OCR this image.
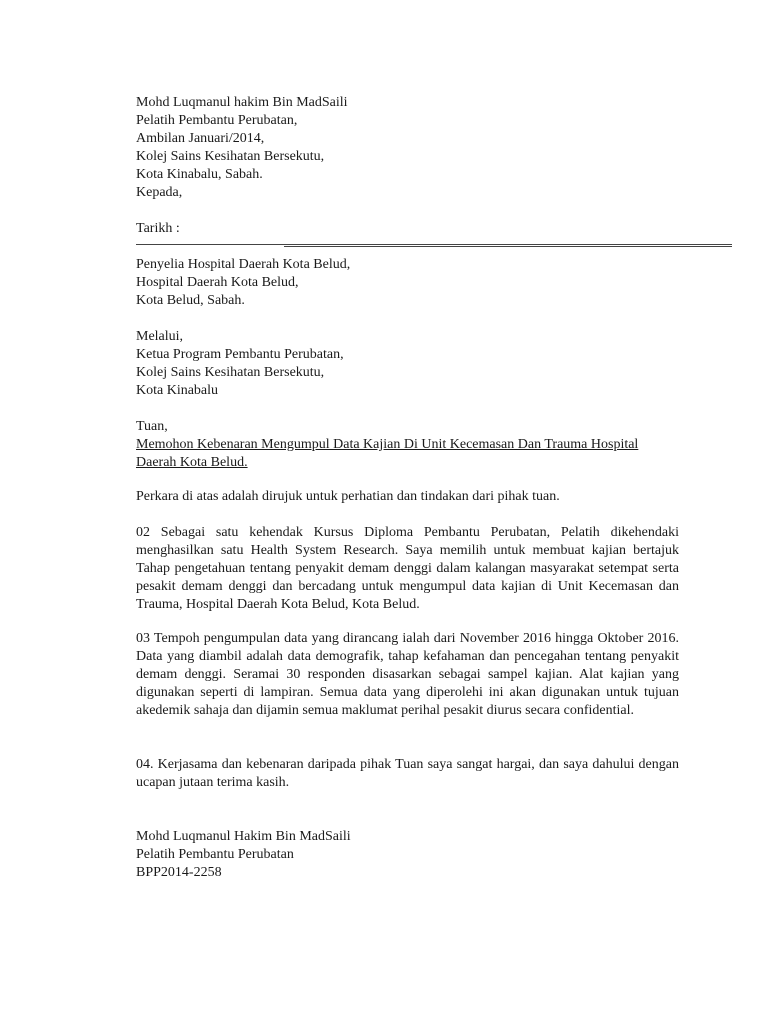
Mohd Luqmanul hakim Bin MadSaili
Pelatih Pembantu Perubatan,
Ambilan Januari/2014,
Kolej Sains Kesihatan Bersekutu,
Kota Kinabalu, Sabah.
Kepada,
Tarikh :
Penyelia Hospital Daerah Kota Belud,
Hospital Daerah Kota Belud,
Kota Belud, Sabah.
Melalui,
Ketua Program Pembantu Perubatan,
Kolej Sains Kesihatan Bersekutu,
Kota Kinabalu
Tuan,
Memohon Kebenaran Mengumpul Data Kajian Di Unit Kecemasan Dan Trauma Hospital Daerah Kota Belud.
Perkara di atas adalah dirujuk untuk perhatian dan tindakan dari pihak tuan.
02 Sebagai satu kehendak Kursus Diploma Pembantu Perubatan, Pelatih dikehendaki menghasilkan satu Health System Research. Saya memilih untuk membuat kajian bertajuk Tahap pengetahuan tentang penyakit demam denggi dalam kalangan masyarakat setempat serta pesakit demam denggi dan bercadang untuk mengumpul data kajian di Unit Kecemasan dan Trauma, Hospital Daerah Kota Belud, Kota Belud.
03 Tempoh pengumpulan data yang dirancang ialah dari November 2016 hingga Oktober 2016. Data yang diambil adalah data demografik, tahap kefahaman dan pencegahan tentang penyakit demam denggi. Seramai 30 responden disasarkan sebagai sampel kajian. Alat kajian yang digunakan seperti di lampiran. Semua data yang diperolehi ini akan digunakan untuk tujuan akedemik sahaja dan dijamin semua maklumat perihal pesakit diurus secara confidential.
04. Kerjasama dan kebenaran daripada pihak Tuan saya sangat hargai, dan saya dahului dengan ucapan jutaan terima kasih.
Mohd Luqmanul Hakim Bin MadSaili
Pelatih Pembantu Perubatan
BPP2014-2258
